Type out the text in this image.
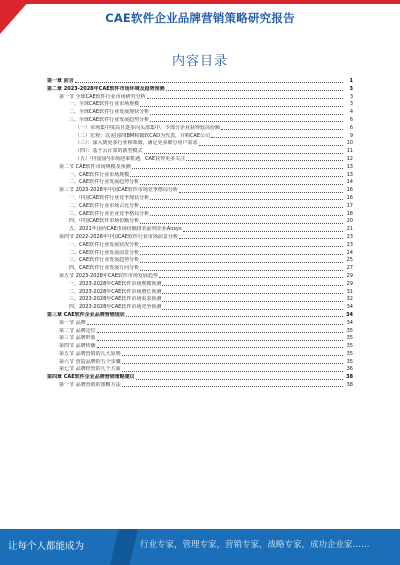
CAE软件企业品牌营销策略研究报告
内容目录
第一章 前言	1
第二章 2023-2028年CAE软件市场环境及趋势预测	3
第一节 全球CAE软件行业市场研究分析	3
一、全球CAE软件行业市场规模	3
二、全球CAE软件行业发展现状分析	4
三、全球CAE软件行业发展趋势分析	6
（一）市场集中度高且逐步向头部集中，少部分企业获得较高份额	6
（二）宏观：以美国的IBM和微软CAD为代表，并购CAE公司	9
（三）：深入到更多行业和领域，满足更多细分用户需求	10
（四）：基于云计算的新型模式	11
（五）中国国内市场迎来机遇，CAE获得更多关注	12
第二节 CAE软件市场规模及预测	13
一、CAE软件行业市场规模	13
二、CAE软件行业发展趋势分析	14
第三节 2023-2028年中国CAE软件市场竞争格局分析	16
一、中国CAE软件行业竞争现状分析	16
二、CAE软件行业市场占比分析	17
三、CAE软件行业企业竞争格局分析	18
四、中国CAE软件市场份额分析	20
五、2021年国内CAE市场份额排名前列企业Ansys	21
第四节 2022-2028年中国CAE软件行业市场前景分析	23
一、CAE软件行业发展状况分析	23
二、CAE软件行业发展前景分析	24
三、CAE软件行业发展趋势分析	25
四、CAE软件行业发展方向分析	27
第五节 2023-2028年CAE软件市场发展趋势	29
一、2023-2028年CAE软件市场规模预测	29
二、2023-2028年CAE软件市场增长预测	31
三、2023-2028年CAE软件市场需求预测	32
四、2023-2028年CAE软件市场竞争预测	34
第三章 CAE软件企业品牌营销现状	34
第一节 品牌	34
第二节 品牌定位	35
第三节 品牌形象	35
第四节 品牌传播	35
第五节 品牌营销的几大原则	35
第六节 营造品牌的五个步骤	35
第七节 品牌经营的几个方面	36
第四章 CAE软件企业品牌营销策略建议	38
第一节 品牌营销的策略方法	38
让每个人都能成为	行业专家，管理专家，营销专家，战略专家，成功企业家……
